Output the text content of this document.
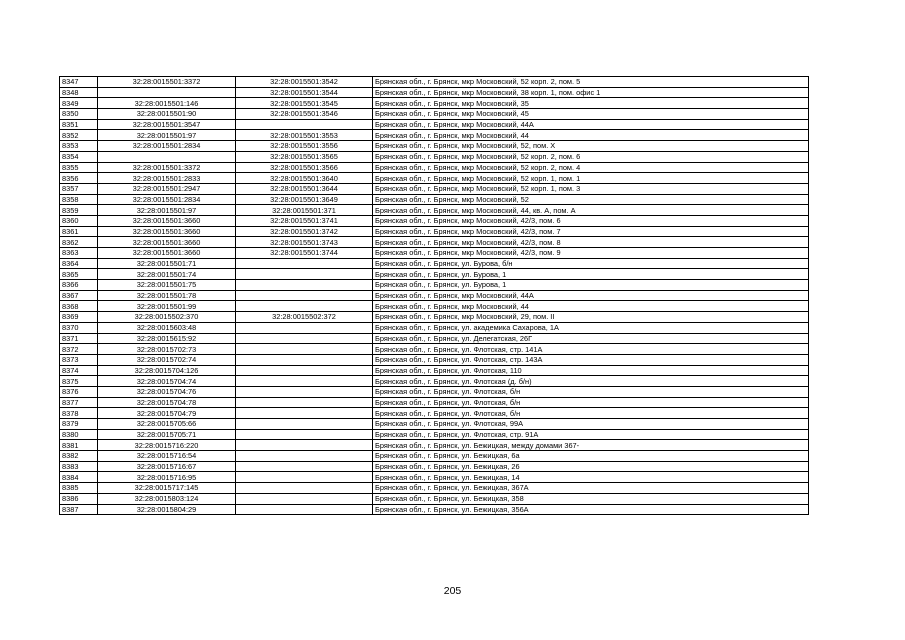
8347	32:28:0015501:3372	32:28:0015501:3542	Брянская обл., г. Брянск, мкр Московский, 52 корп. 2, пом. 5
8348		32:28:0015501:3544	Брянская обл., г. Брянск, мкр Московский, 38 корп. 1, пом. офис 1
8349	32:28:0015501:146	32:28:0015501:3545	Брянская обл., г. Брянск, мкр Московский, 35
8350	32:28:0015501:90	32:28:0015501:3546	Брянская обл., г. Брянск, мкр Московский, 45
8351	32:28:0015501:3547		Брянская обл., г. Брянск, мкр Московский, 44А
8352	32:28:0015501:97	32:28:0015501:3553	Брянская обл., г. Брянск, мкр Московский, 44
8353	32:28:0015501:2834	32:28:0015501:3556	Брянская обл., г. Брянск, мкр Московский, 52, пом. Х
8354		32:28:0015501:3565	Брянская обл., г. Брянск, мкр Московский, 52 корп. 2, пом. 6
8355	32:28:0015501:3372	32:28:0015501:3566	Брянская обл., г. Брянск, мкр Московский, 52 корп. 2, пом. 4
8356	32:28:0015501:2833	32:28:0015501:3640	Брянская обл., г. Брянск, мкр Московский, 52 корп. 1, пом. 1
8357	32:28:0015501:2947	32:28:0015501:3644	Брянская обл., г. Брянск, мкр Московский, 52 корп. 1, пом. 3
8358	32:28:0015501:2834	32:28:0015501:3649	Брянская обл., г. Брянск, мкр Московский, 52
8359	32:28:0015501:97	32:28:0015501:371	Брянская обл., г. Брянск, мкр Московский, 44, кв. А, пом. А
8360	32:28:0015501:3660	32:28:0015501:3741	Брянская обл., г. Брянск, мкр Московский, 42/3, пом. 6
8361	32:28:0015501:3660	32:28:0015501:3742	Брянская обл., г. Брянск, мкр Московский, 42/3, пом. 7
8362	32:28:0015501:3660	32:28:0015501:3743	Брянская обл., г. Брянск, мкр Московский, 42/3, пом. 8
8363	32:28:0015501:3660	32:28:0015501:3744	Брянская обл., г. Брянск, мкр Московский, 42/3, пом. 9
8364	32:28:0015501:71		Брянская обл., г. Брянск, ул. Бурова, б/н
8365	32:28:0015501:74		Брянская обл., г. Брянск, ул. Бурова, 1
8366	32:28:0015501:75		Брянская обл., г. Брянск, ул. Бурова, 1
8367	32:28:0015501:78		Брянская обл., г. Брянск, мкр Московский, 44А
8368	32:28:0015501:99		Брянская обл., г. Брянск, мкр Московский, 44
8369	32:28:0015502:370	32:28:0015502:372	Брянская обл., г. Брянск, мкр Московский, 29, пом. II
8370	32:28:0015603:48		Брянская обл., г. Брянск, ул. академика Сахарова, 1А
8371	32:28:0015615:92		Брянская обл., г. Брянск, ул. Делегатская, 26Г
8372	32:28:0015702:73		Брянская обл., г. Брянск, ул. Флотская, стр. 141А
8373	32:28:0015702:74		Брянская обл., г. Брянск, ул. Флотская, стр. 143А
8374	32:28:0015704:126		Брянская обл., г. Брянск, ул. Флотская, 110
8375	32:28:0015704:74		Брянская обл., г. Брянск, ул. Флотская (д. б/н)
8376	32:28:0015704:76		Брянская обл., г. Брянск, ул. Флотская, б/н
8377	32:28:0015704:78		Брянская обл., г. Брянск, ул. Флотская, б/н
8378	32:28:0015704:79		Брянская обл., г. Брянск, ул. Флотская, б/н
8379	32:28:0015705:66		Брянская обл., г. Брянск, ул. Флотская, 99А
8380	32:28:0015705:71		Брянская обл., г. Брянск, ул. Флотская, стр. 91А
8381	32:28:0015716:220		Брянская обл., г. Брянск, ул. Бежицкая, между домами 367-
8382	32:28:0015716:54		Брянская обл., г. Брянск, ул. Бежицкая, 6а
8383	32:28:0015716:67		Брянская обл., г. Брянск, ул. Бежицкая, 26
8384	32:28:0015716:95		Брянская обл., г. Брянск, ул. Бежицкая, 14
8385	32:28:0015717:145		Брянская обл., г. Брянск, ул. Бежицкая, 367А
8386	32:28:0015803:124		Брянская обл., г. Брянск, ул. Бежицкая, 358
8387	32:28:0015804:29		Брянская обл., г. Брянск, ул. Бежицкая, 356А
205
